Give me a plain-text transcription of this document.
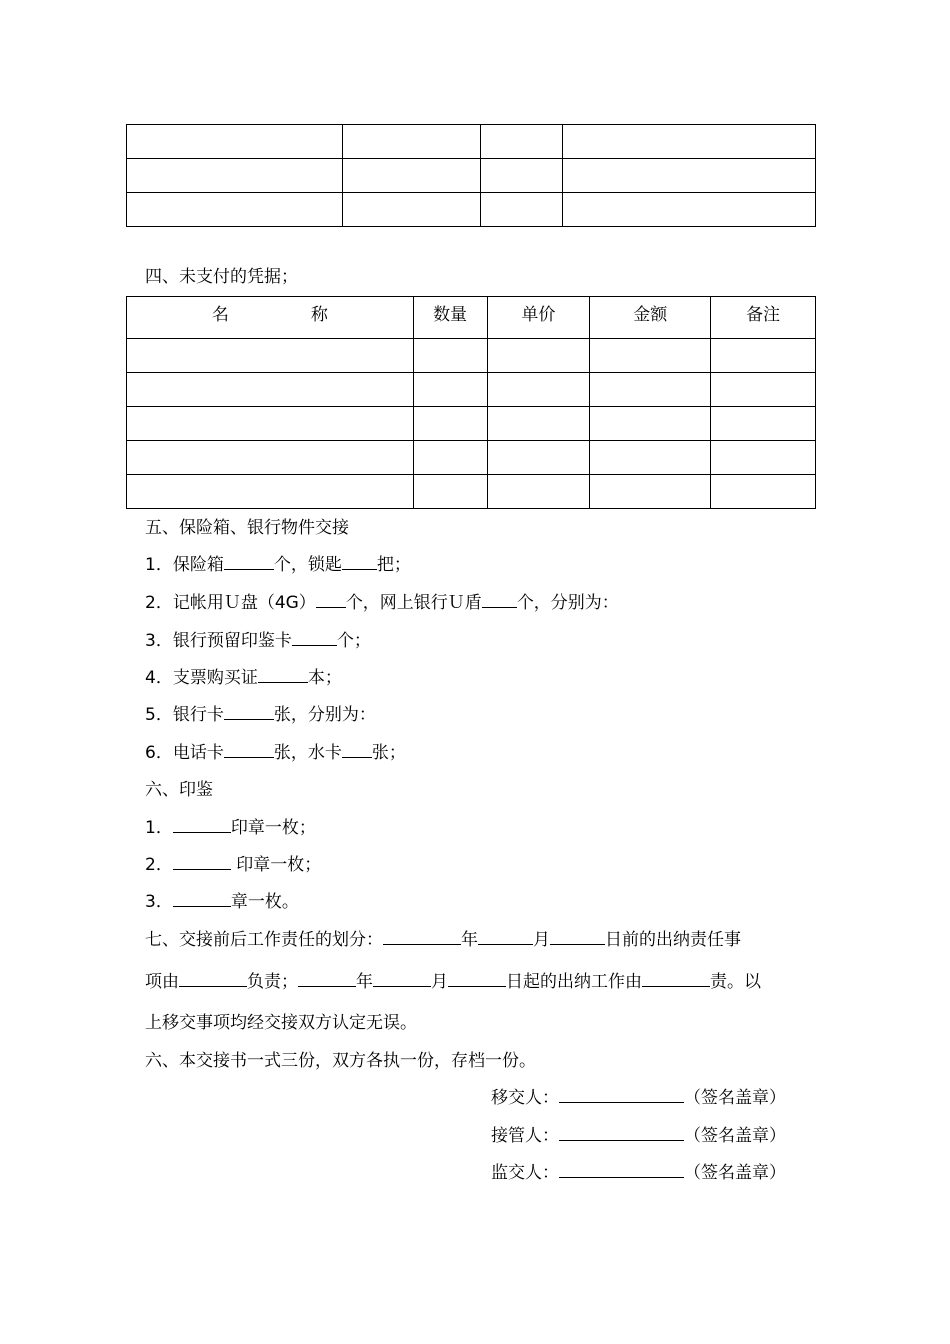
四、未支付的凭据；
名 称	数量	单价	金额	备注

五、保险箱、银行物件交接
1．保险箱	个，锁匙 把；
2．记帐用Ｕ盘（4G） 个，网上银行Ｕ盾 个，分别为：
3．银行预留印鉴卡	个；
4．支票购买证	本；
5．银行卡	张，分别为：
6．电话卡	张，水卡 张；
六、印鉴
1．	印章一枚；
2．	印章一枚；
3．	章一枚。
七、交接前后工作责任的划分：	年	月	日前的出纳责任事
项由	负责；	年	月	日起的出纳工作由	责。以
上移交事项均经交接双方认定无误。
六、本交接书一式三份，双方各执一份，存档一份。
移交人：	（签名盖章）
接管人：	（签名盖章）
监交人：	（签名盖章）
